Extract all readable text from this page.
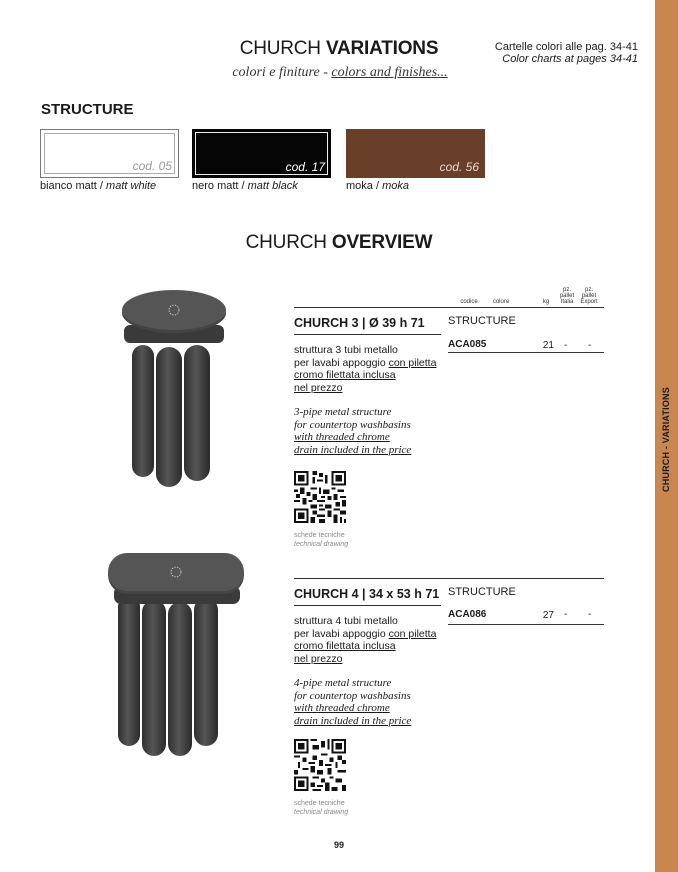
CHURCH - VARIATIONS
CHURCH VARIATIONS
colori e finiture - colors and finishes...
Cartelle colori alle pag. 34-41
Color charts at pages 34-41
STRUCTURE
cod. 05	cod. 17	cod. 56
bianco matt / matt white	nero matt / matt black	moka / moka
CHURCH OVERVIEW
codice	colore	kg
pz.
pallet
Italia
pz.
pallet
Export
CHURCH 3 | Ø 39 h 71 STRUCTURE
ACA085	21 - -
struttura 3 tubi metallo
per lavabi appoggio con piletta
cromo filettata inclusa
nel prezzo
3-pipe metal structure
for countertop washbasins
with threaded chrome
drain included in the price
schede tecniche
technical drawing
CHURCH 4 | 34 x 53 h 71 STRUCTURE
ACA086	27 - -
struttura 4 tubi metallo
per lavabi appoggio con piletta
cromo filettata inclusa
nel prezzo
4-pipe metal structure
for countertop washbasins
with threaded chrome
drain included in the price
schede tecniche
technical drawing
99
